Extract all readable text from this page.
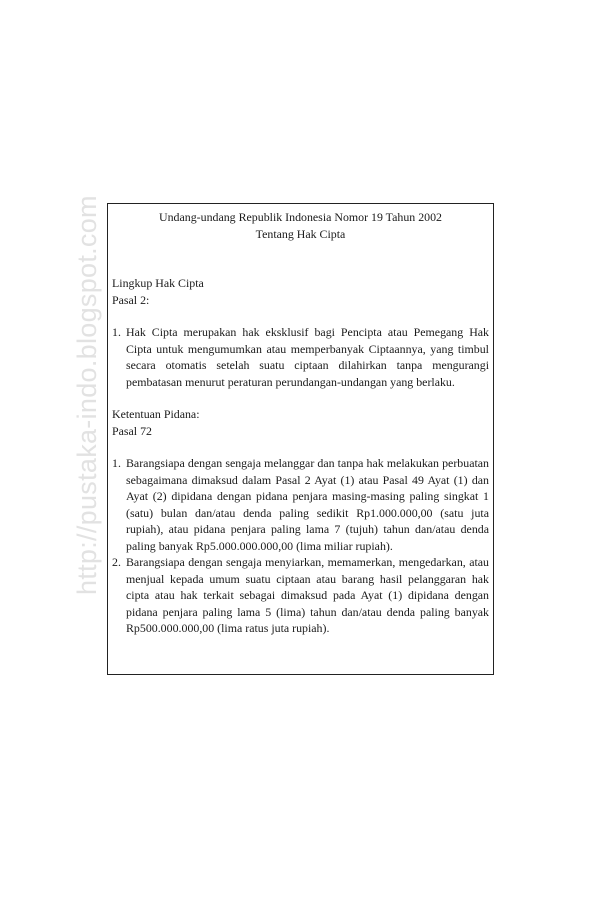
http://pustaka-indo.blogspot.com	Undang-undang Republik Indonesia Nomor 19 Tahun 2002
Tentang Hak Cipta
Lingkup Hak Cipta
Pasal 2:
1. Hak Cipta merupakan hak eksklusif bagi Pencipta atau Pemegang Hak Cipta untuk mengumumkan atau memperbanyak Ciptaannya, yang timbul secara otomatis setelah suatu ciptaan dilahirkan tanpa mengurangi pembatasan menurut peraturan perundangan-undangan yang berlaku.
Ketentuan Pidana:
Pasal 72
1. Barangsiapa dengan sengaja melanggar dan tanpa hak melakukan perbuatan sebagaimana dimaksud dalam Pasal 2 Ayat (1) atau Pasal 49 Ayat (1) dan Ayat (2) dipidana dengan pidana penjara masing-masing paling singkat 1 (satu) bulan dan/atau denda paling sedikit Rp1.000.000,00 (satu juta rupiah), atau pidana penjara paling lama 7 (tujuh) tahun dan/atau denda paling banyak Rp5.000.000.000,00 (lima miliar rupiah).
2. Barangsiapa dengan sengaja menyiarkan, memamerkan, mengedarkan, atau menjual kepada umum suatu ciptaan atau barang hasil pelanggaran hak cipta atau hak terkait sebagai dimaksud pada Ayat (1) dipidana dengan pidana penjara paling lama 5 (lima) tahun dan/atau denda paling banyak Rp500.000.000,00 (lima ratus juta rupiah).
